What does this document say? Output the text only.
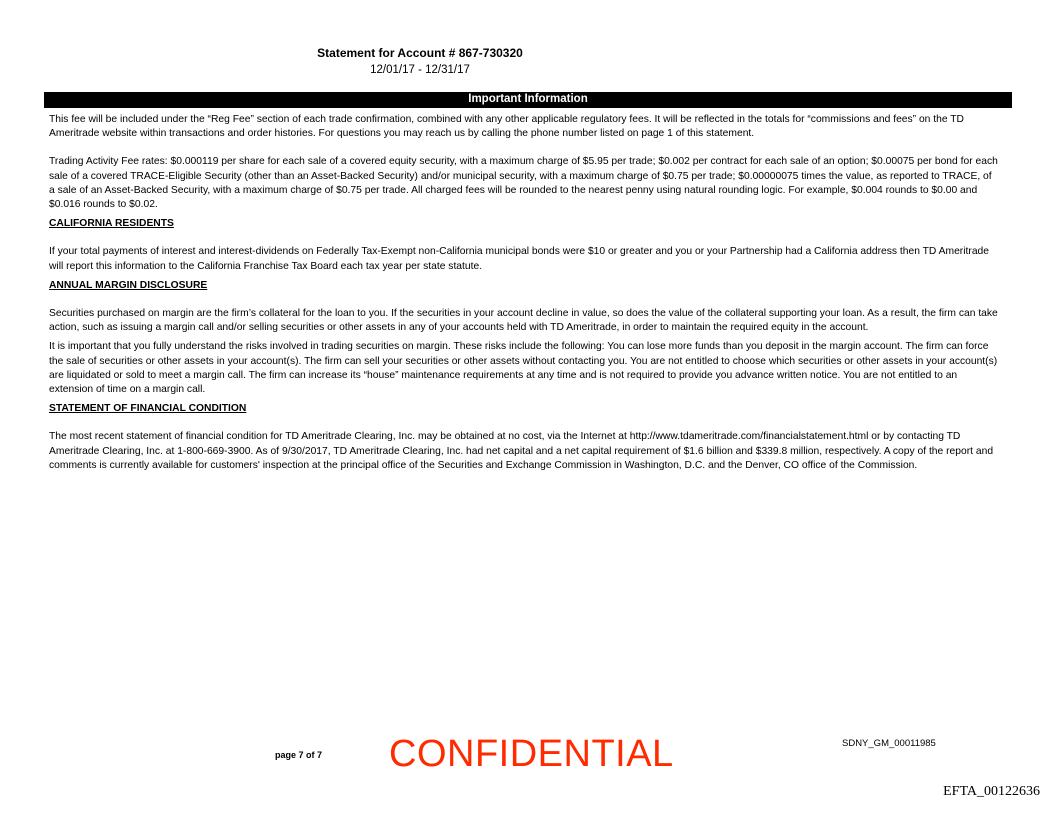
Statement for Account # 867-730320
12/01/17 - 12/31/17
Important Information

This fee will be included under the “Reg Fee” section of each trade confirmation, combined with any other applicable regulatory fees. It will be reflected in the totals for “commissions and fees” on the TD Ameritrade website within transactions and order histories. For questions you may reach us by calling the phone number listed on page 1 of this statement.

Trading Activity Fee rates: $0.000119 per share for each sale of a covered equity security, with a maximum charge of $5.95 per trade; $0.002 per contract for each sale of an option; $0.00075 per bond for each sale of a covered TRACE-Eligible Security (other than an Asset-Backed Security) and/or municipal security, with a maximum charge of $0.75 per trade; $0.00000075 times the value, as reported to TRACE, of a sale of an Asset-Backed Security, with a maximum charge of $0.75 per trade. All charged fees will be rounded to the nearest penny using natural rounding logic. For example, $0.004 rounds to $0.00 and $0.016 rounds to $0.02.

CALIFORNIA RESIDENTS

If your total payments of interest and interest-dividends on Federally Tax-Exempt non-California municipal bonds were $10 or greater and you or your Partnership had a California address then TD Ameritrade will report this information to the California Franchise Tax Board each tax year per state statute.

ANNUAL MARGIN DISCLOSURE

Securities purchased on margin are the firm’s collateral for the loan to you. If the securities in your account decline in value, so does the value of the collateral supporting your loan. As a result, the firm can take action, such as issuing a margin call and/or selling securities or other assets in any of your accounts held with TD Ameritrade, in order to maintain the required equity in the account.

It is important that you fully understand the risks involved in trading securities on margin. These risks include the following: You can lose more funds than you deposit in the margin account. The firm can force the sale of securities or other assets in your account(s). The firm can sell your securities or other assets without contacting you. You are not entitled to choose which securities or other assets in your account(s) are liquidated or sold to meet a margin call. The firm can increase its “house” maintenance requirements at any time and is not required to provide you advance written notice. You are not entitled to an extension of time on a margin call.

STATEMENT OF FINANCIAL CONDITION

The most recent statement of financial condition for TD Ameritrade Clearing, Inc. may be obtained at no cost, via the Internet at http://www.tdameritrade.com/financialstatement.html or by contacting TD Ameritrade Clearing, Inc. at 1-800-669-3900. As of 9/30/2017, TD Ameritrade Clearing, Inc. had net capital and a net capital requirement of $1.6 billion and $339.8 million, respectively. A copy of the report and comments is currently available for customers' inspection at the principal office of the Securities and Exchange Commission in Washington, D.C. and the Denver, CO office of the Commission.

page 7 of 7 CONFIDENTIAL	SDNY_GM_00011985
EFTA_00122636
